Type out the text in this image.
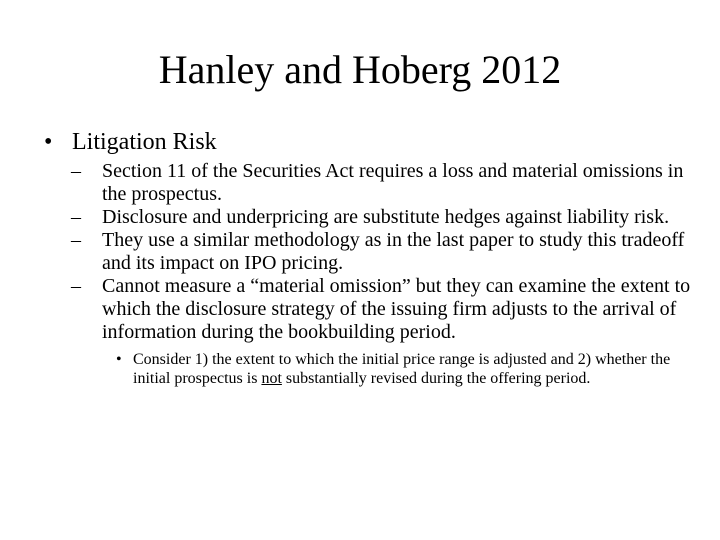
Hanley and Hoberg 2012
• Litigation Risk
– Section 11 of the Securities Act requires a loss and material omissions in the prospectus.
– Disclosure and underpricing are substitute hedges against liability risk.
– They use a similar methodology as in the last paper to study this tradeoff and its impact on IPO pricing.
– Cannot measure a “material omission” but they can examine the extent to which the disclosure strategy of the issuing firm adjusts to the arrival of information during the bookbuilding period.
• Consider 1) the extent to which the initial price range is adjusted and 2) whether the initial prospectus is not substantially revised during the offering period.
